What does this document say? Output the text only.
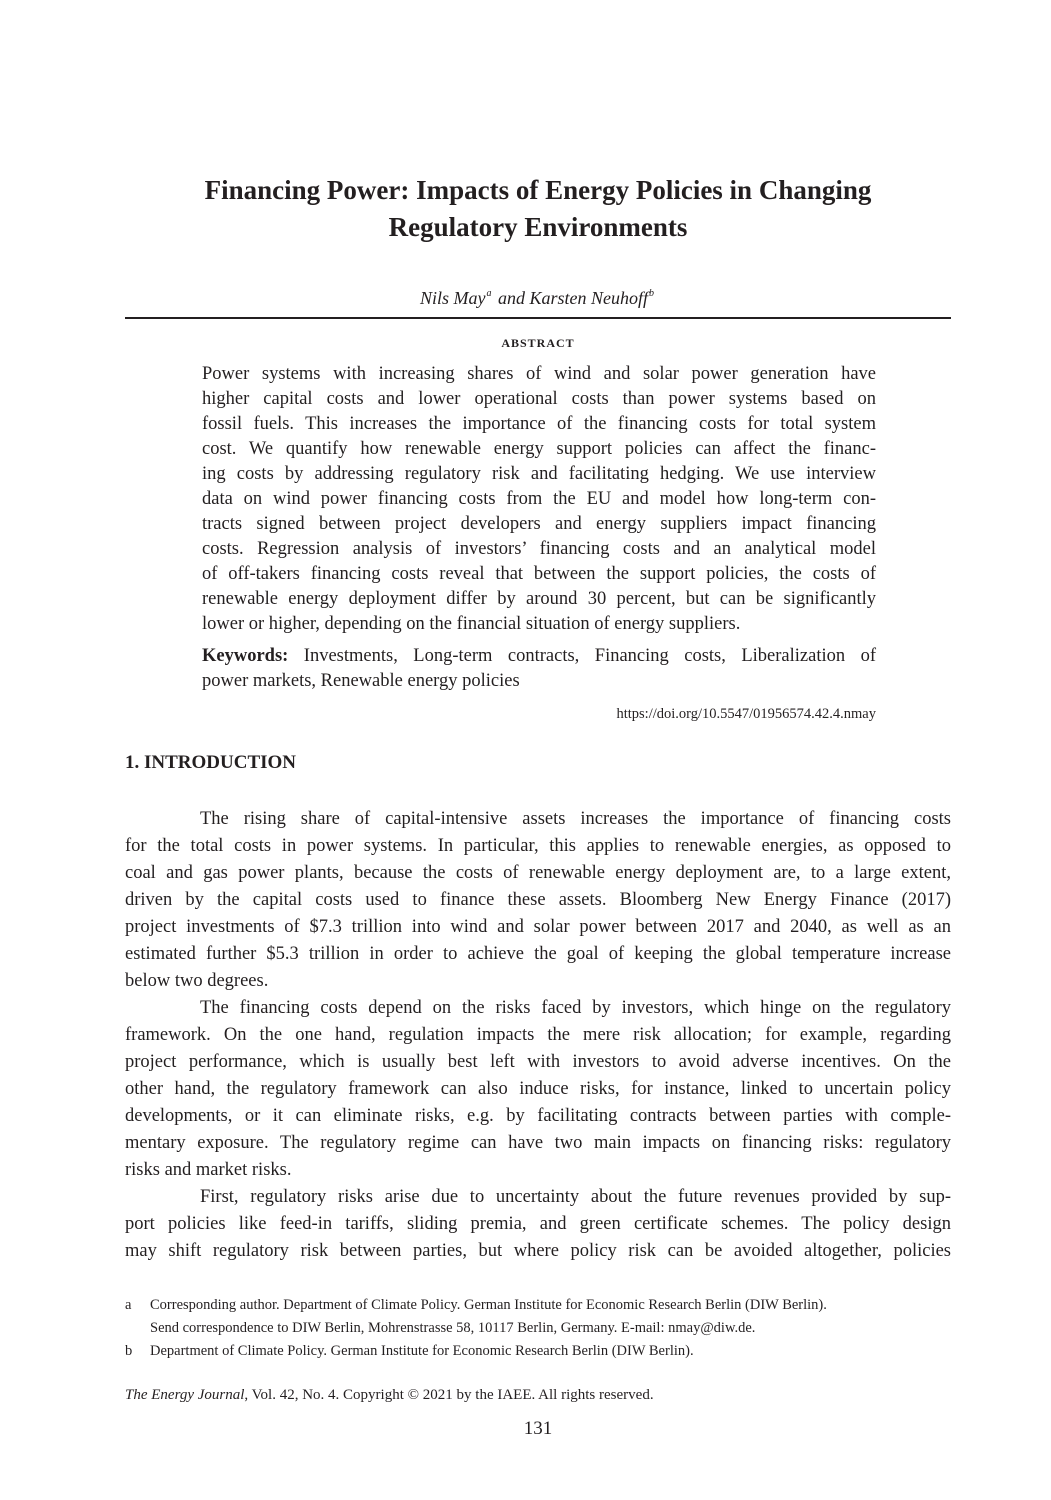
Financing Power: Impacts of Energy Policies in Changing
Regulatory Environments
Nils May$^a$ and Karsten Neuhoff$^b$
ABSTRACT
Power systems with increasing shares of wind and solar power generation have
higher capital costs and lower operational costs than power systems based on
fossil fuels. This increases the importance of the financing costs for total system
cost. We quantify how renewable energy support policies can affect the financ-
ing costs by addressing regulatory risk and facilitating hedging. We use interview
data on wind power financing costs from the EU and model how long-term con-
tracts signed between project developers and energy suppliers impact financing
costs. Regression analysis of investors’ financing costs and an analytical model
of off-takers financing costs reveal that between the support policies, the costs of
renewable energy deployment differ by around 30 percent, but can be significantly
lower or higher, depending on the financial situation of energy suppliers.
Keywords: Investments, Long-term contracts, Financing costs, Liberalization of
power markets, Renewable energy policies
https://doi.org/10.5547/01956574.42.4.nmay
1. INTRODUCTION
The rising share of capital-intensive assets increases the importance of financing costs
for the total costs in power systems. In particular, this applies to renewable energies, as opposed to
coal and gas power plants, because the costs of renewable energy deployment are, to a large extent,
driven by the capital costs used to finance these assets. Bloomberg New Energy Finance (2017)
project investments of $7.3 trillion into wind and solar power between 2017 and 2040, as well as an
estimated further $5.3 trillion in order to achieve the goal of keeping the global temperature increase
below two degrees.
The financing costs depend on the risks faced by investors, which hinge on the regulatory
framework. On the one hand, regulation impacts the mere risk allocation; for example, regarding
project performance, which is usually best left with investors to avoid adverse incentives. On the
other hand, the regulatory framework can also induce risks, for instance, linked to uncertain policy
developments, or it can eliminate risks, e.g. by facilitating contracts between parties with comple-
mentary exposure. The regulatory regime can have two main impacts on financing risks: regulatory
risks and market risks.
First, regulatory risks arise due to uncertainty about the future revenues provided by sup-
port policies like feed-in tariffs, sliding premia, and green certificate schemes. The policy design
may shift regulatory risk between parties, but where policy risk can be avoided altogether, policies
a	Corresponding author. Department of Climate Policy. German Institute for Economic Research Berlin (DIW Berlin).
Send correspondence to DIW Berlin, Mohrenstrasse 58, 10117 Berlin, Germany. E-mail: nmay@diw.de.
b	Department of Climate Policy. German Institute for Economic Research Berlin (DIW Berlin).
The Energy Journal, Vol. 42, No. 4. Copyright © 2021 by the IAEE. All rights reserved.
131
